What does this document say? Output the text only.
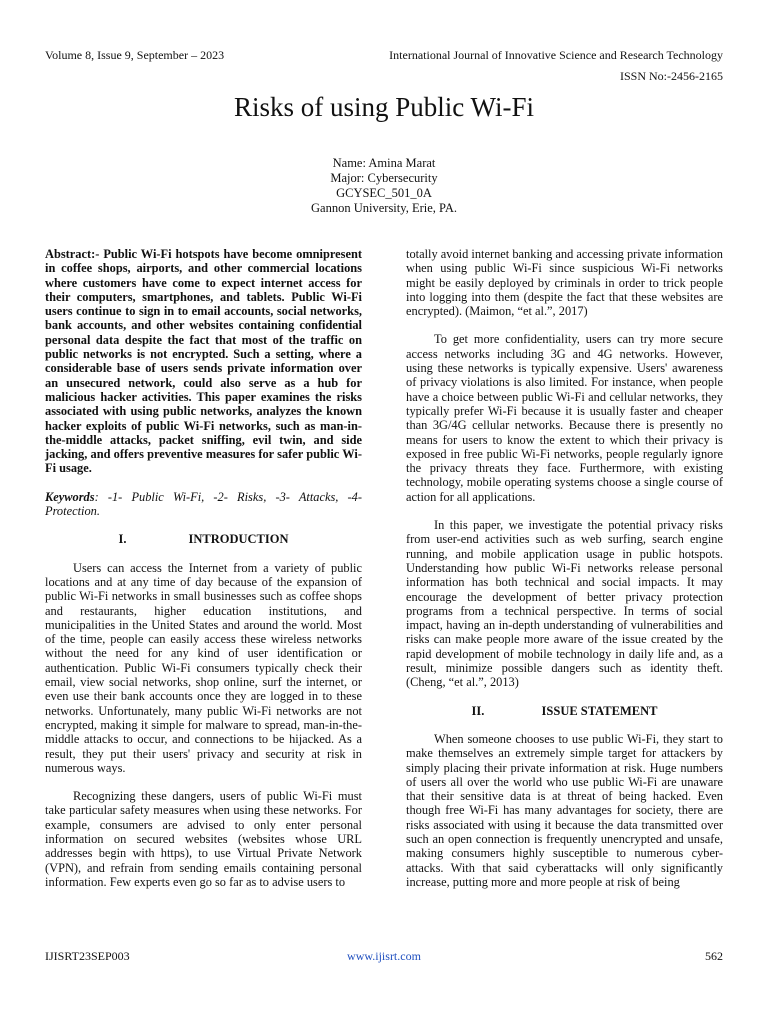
Volume 8, Issue 9, September – 2023	International Journal of Innovative Science and Research Technology
ISSN No:-2456-2165
Risks of using Public Wi-Fi
Name: Amina Marat
Major: Cybersecurity
GCYSEC_501_0A
Gannon University, Erie, PA.

Abstract:- Public Wi-Fi hotspots have become omnipresent in coffee shops, airports, and other commercial locations where customers have come to expect internet access for their computers, smartphones, and tablets. Public Wi-Fi users continue to sign in to email accounts, social networks, bank accounts, and other websites containing confidential personal data despite the fact that most of the traffic on public networks is not encrypted. Such a setting, where a considerable base of users sends private information over an unsecured network, could also serve as a hub for malicious hacker activities. This paper examines the risks associated with using public networks, analyzes the known hacker exploits of public Wi-Fi networks, such as man-in-the-middle attacks, packet sniffing, evil twin, and side jacking, and offers preventive measures for safer public Wi-Fi usage.

Keywords: -1- Public Wi-Fi, -2- Risks, -3- Attacks, -4- Protection.

I.	INTRODUCTION

Users can access the Internet from a variety of public locations and at any time of day because of the expansion of public Wi-Fi networks in small businesses such as coffee shops and restaurants, higher education institutions, and municipalities in the United States and around the world. Most of the time, people can easily access these wireless networks without the need for any kind of user identification or authentication. Public Wi-Fi consumers typically check their email, view social networks, shop online, surf the internet, or even use their bank accounts once they are logged in to these networks. Unfortunately, many public Wi-Fi networks are not encrypted, making it simple for malware to spread, man-in-the-middle attacks to occur, and connections to be hijacked. As a result, they put their users' privacy and security at risk in numerous ways.

Recognizing these dangers, users of public Wi-Fi must take particular safety measures when using these networks. For example, consumers are advised to only enter personal information on secured websites (websites whose URL addresses begin with https), to use Virtual Private Network (VPN), and refrain from sending emails containing personal information. Few experts even go so far as to advise users to

totally avoid internet banking and accessing private information when using public Wi-Fi since suspicious Wi-Fi networks might be easily deployed by criminals in order to trick people into logging into them (despite the fact that these websites are encrypted). (Maimon, “et al.”, 2017)

To get more confidentiality, users can try more secure access networks including 3G and 4G networks. However, using these networks is typically expensive. Users' awareness of privacy violations is also limited. For instance, when people have a choice between public Wi-Fi and cellular networks, they typically prefer Wi-Fi because it is usually faster and cheaper than 3G/4G cellular networks. Because there is presently no means for users to know the extent to which their privacy is exposed in free public Wi-Fi networks, people regularly ignore the privacy threats they face. Furthermore, with existing technology, mobile operating systems choose a single course of action for all applications.

In this paper, we investigate the potential privacy risks from user-end activities such as web surfing, search engine running, and mobile application usage in public hotspots. Understanding how public Wi-Fi networks release personal information has both technical and social impacts. It may encourage the development of better privacy protection programs from a technical perspective. In terms of social impact, having an in-depth understanding of vulnerabilities and risks can make people more aware of the issue created by the rapid development of mobile technology in daily life and, as a result, minimize possible dangers such as identity theft. (Cheng, “et al.”, 2013)

II.	ISSUE STATEMENT

When someone chooses to use public Wi-Fi, they start to make themselves an extremely simple target for attackers by simply placing their private information at risk. Huge numbers of users all over the world who use public Wi-Fi are unaware that their sensitive data is at threat of being hacked. Even though free Wi-Fi has many advantages for society, there are risks associated with using it because the data transmitted over such an open connection is frequently unencrypted and unsafe, making consumers highly susceptible to numerous cyber-attacks. With that said cyberattacks will only significantly increase, putting more and more people at risk of being

IJISRT23SEP003	www.ijisrt.com	562
